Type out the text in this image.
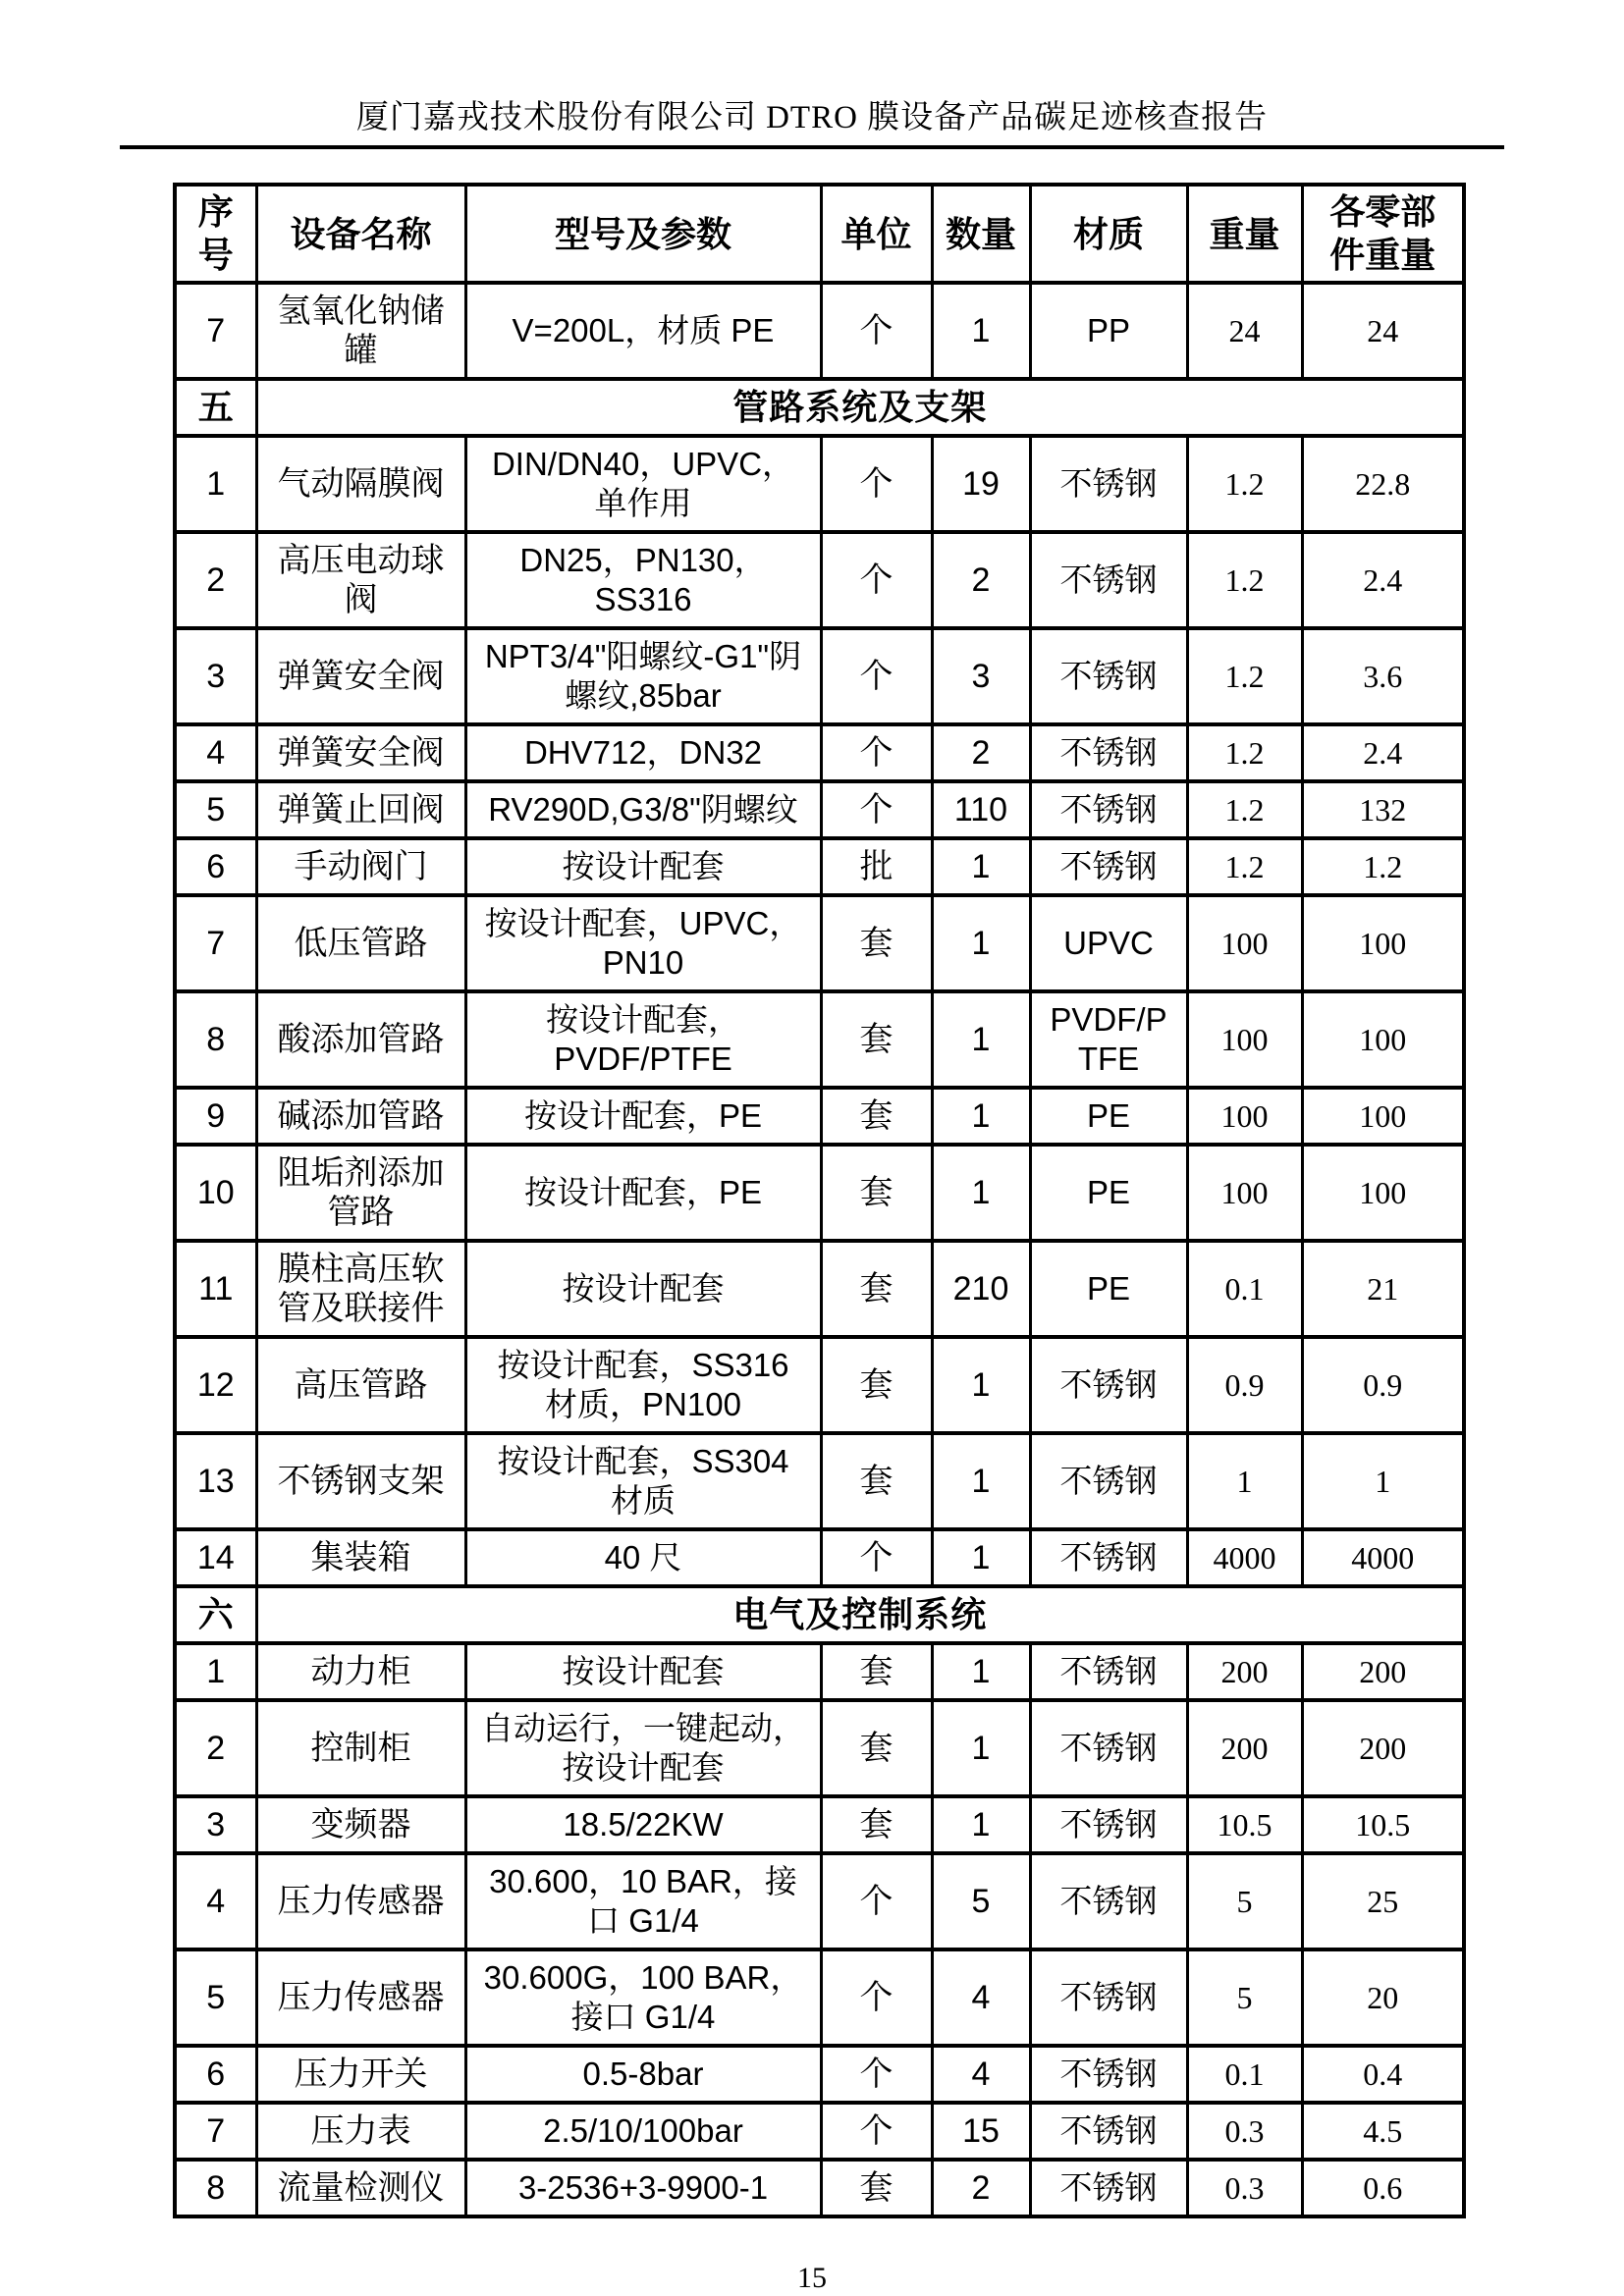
厦门嘉戎技术股份有限公司 DTRO 膜设备产品碳足迹核查报告
序号	设备名称	型号及参数	单位	数量	材质	重量	各零部件重量
7	氢氧化钠储罐	V=200L，材质 PE	个	1	PP	24	24
五	管路系统及支架						
1	气动隔膜阀	DIN/DN40，UPVC，单作用	个	19	不锈钢	1.2	22.8
2	高压电动球阀	DN25，PN130，SS316	个	2	不锈钢	1.2	2.4
3	弹簧安全阀	NPT3/4"阳螺纹-G1"阴螺纹,85bar	个	3	不锈钢	1.2	3.6
4	弹簧安全阀	DHV712，DN32	个	2	不锈钢	1.2	2.4
5	弹簧止回阀	RV290D,G3/8"阴螺纹	个	110	不锈钢	1.2	132
6	手动阀门	按设计配套	批	1	不锈钢	1.2	1.2
7	低压管路	按设计配套，UPVC，PN10	套	1	UPVC	100	100
8	酸添加管路	按设计配套，PVDF/PTFE	套	1	PVDF/PTFE	100	100
9	碱添加管路	按设计配套，PE	套	1	PE	100	100
10	阻垢剂添加管路	按设计配套，PE	套	1	PE	100	100
11	膜柱高压软管及联接件	按设计配套	套	210	PE	0.1	21
12	高压管路	按设计配套，SS316 材质，PN100	套	1	不锈钢	0.9	0.9
13	不锈钢支架	按设计配套，SS304 材质	套	1	不锈钢	1	1
14	集装箱	40 尺	个	1	不锈钢	4000	4000
六	电气及控制系统						
1	动力柜	按设计配套	套	1	不锈钢	200	200
2	控制柜	自动运行，一键起动，按设计配套	套	1	不锈钢	200	200
3	变频器	18.5/22KW	套	1	不锈钢	10.5	10.5
4	压力传感器	30.600，10 BAR，接口 G1/4	个	5	不锈钢	5	25
5	压力传感器	30.600G，100 BAR，接口 G1/4	个	4	不锈钢	5	20
6	压力开关	0.5-8bar	个	4	不锈钢	0.1	0.4
7	压力表	2.5/10/100bar	个	15	不锈钢	0.3	4.5
8	流量检测仪	3-2536+3-9900-1	套	2	不锈钢	0.3	0.6
15
